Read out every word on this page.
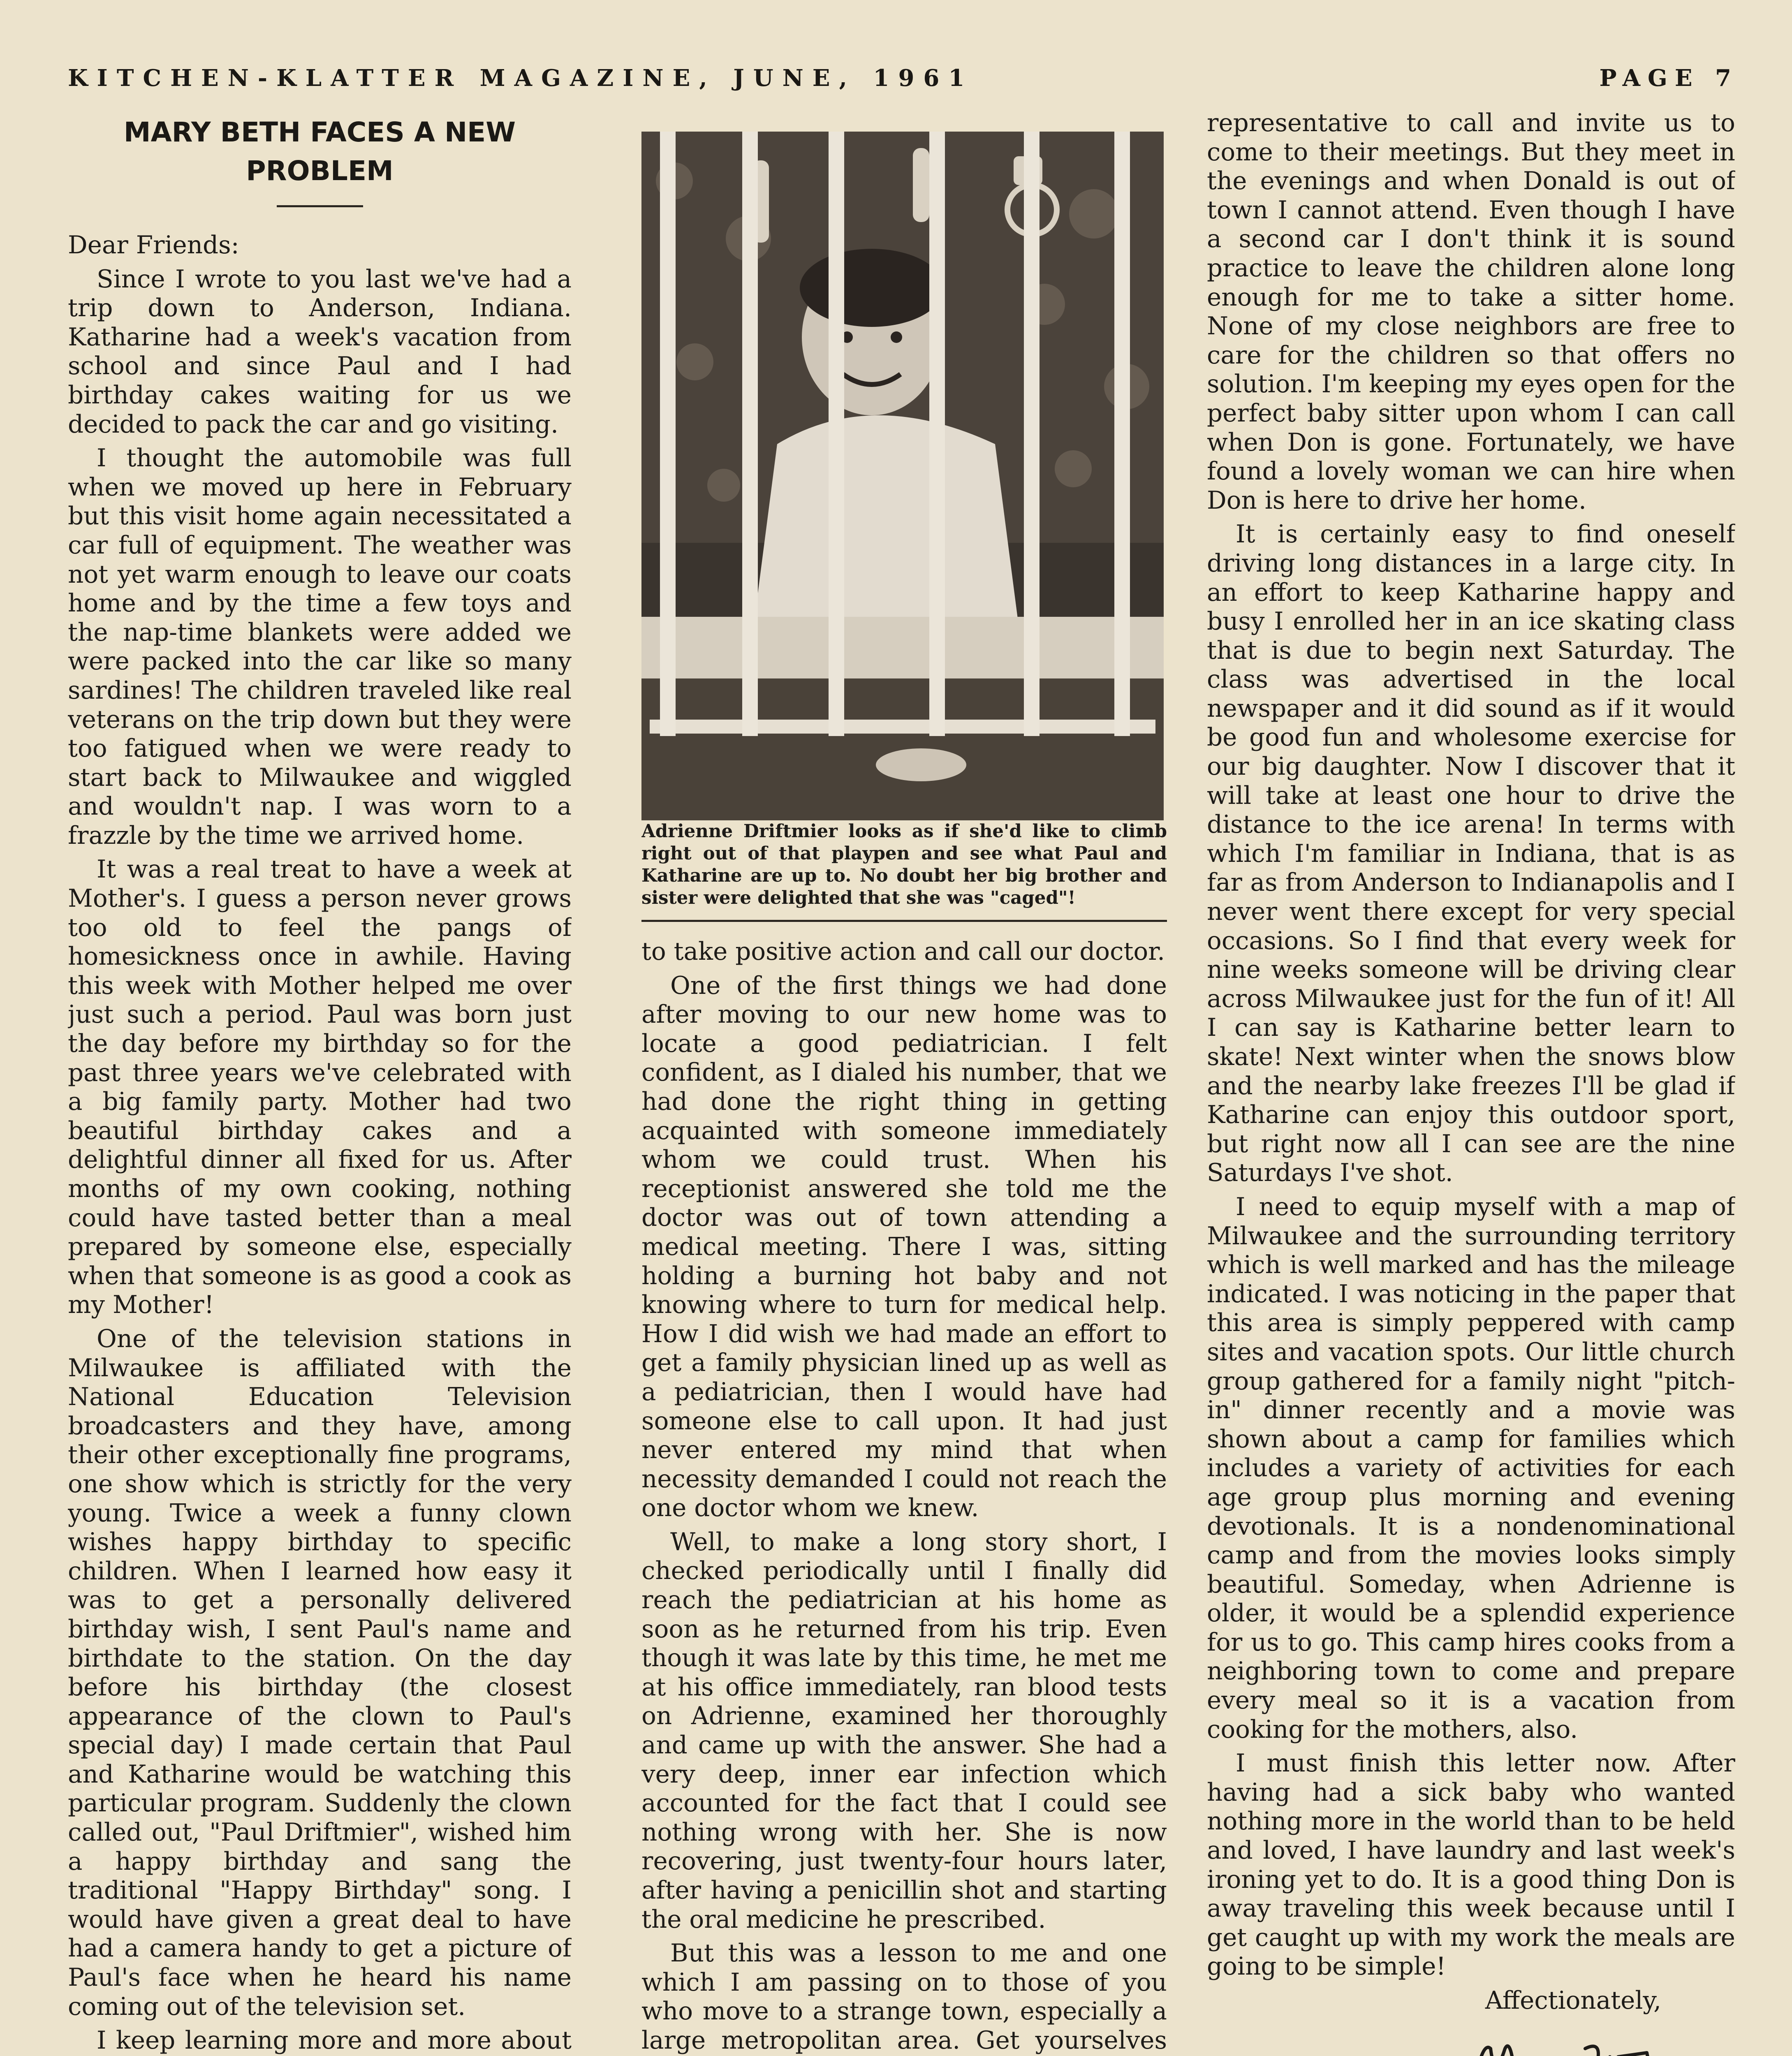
KITCHEN-KLATTER MAGAZINE, JUNE, 1961	PAGE 7
MARY BETH FACES A NEW PROBLEM

Dear Friends:

Since I wrote to you last we've had a trip down to Anderson, Indiana. Katharine had a week's vacation from school and since Paul and I had birthday cakes waiting for us we decided to pack the car and go visiting.

I thought the automobile was full when we moved up here in February but this visit home again necessitated a car full of equipment. The weather was not yet warm enough to leave our coats home and by the time a few toys and the nap-time blankets were added we were packed into the car like so many sardines! The children traveled like real veterans on the trip down but they were too fatigued when we were ready to start back to Milwaukee and wiggled and wouldn't nap. I was worn to a frazzle by the time we arrived home.

It was a real treat to have a week at Mother's. I guess a person never grows too old to feel the pangs of homesickness once in awhile. Having this week with Mother helped me over just such a period. Paul was born just the day before my birthday so for the past three years we've celebrated with a big family party. Mother had two beautiful birthday cakes and a delightful dinner all fixed for us. After months of my own cooking, nothing could have tasted better than a meal prepared by someone else, especially when that someone is as good a cook as my Mother!

One of the television stations in Milwaukee is affiliated with the National Education Television broadcasters and they have, among their other exceptionally fine programs, one show which is strictly for the very young. Twice a week a funny clown wishes happy birthday to specific children. When I learned how easy it was to get a personally delivered birthday wish, I sent Paul's name and birthdate to the station. On the day before his birthday (the closest appearance of the clown to Paul's special day) I made certain that Paul and Katharine would be watching this particular program. Suddenly the clown called out, "Paul Driftmier", wished him a happy birthday and sang the traditional "Happy Birthday" song. I would have given a great deal to have had a camera handy to get a picture of Paul's face when he heard his name coming out of the television set.

I keep learning more and more about

Adrienne Driftmier looks as if she'd like to climb right out of that playpen and see what Paul and Katharine are up to. No doubt her big brother and sister were delighted that she was "caged"!

to take positive action and call our doctor.

One of the first things we had done after moving to our new home was to locate a good pediatrician. I felt confident, as I dialed his number, that we had done the right thing in getting acquainted with someone immediately whom we could trust. When his receptionist answered she told me the doctor was out of town attending a medical meeting. There I was, sitting holding a burning hot baby and not knowing where to turn for medical help. How I did wish we had made an effort to get a family physician lined up as well as a pediatrician, then I would have had someone else to call upon. It had just never entered my mind that when necessity demanded I could not reach the one doctor whom we knew.

Well, to make a long story short, I checked periodically until I finally did reach the pediatrician at his home as soon as he returned from his trip. Even though it was late by this time, he met me at his office immediately, ran blood tests on Adrienne, examined her thoroughly and came up with the answer. She had a very deep, inner ear infection which accounted for the fact that I could see nothing wrong with her. She is now recovering, just twenty-four hours later, after having a penicillin shot and starting the oral medicine he prescribed.

But this was a lesson to me and one which I am passing on to those of you who move to a strange town, especially a large metropolitan area. Get yourselves

representative to call and invite us to come to their meetings. But they meet in the evenings and when Donald is out of town I cannot attend. Even though I have a second car I don't think it is sound practice to leave the children alone long enough for me to take a sitter home. None of my close neighbors are free to care for the children so that offers no solution. I'm keeping my eyes open for the perfect baby sitter upon whom I can call when Don is gone. Fortunately, we have found a lovely woman we can hire when Don is here to drive her home.

It is certainly easy to find oneself driving long distances in a large city. In an effort to keep Katharine happy and busy I enrolled her in an ice skating class that is due to begin next Saturday. The class was advertised in the local newspaper and it did sound as if it would be good fun and wholesome exercise for our big daughter. Now I discover that it will take at least one hour to drive the distance to the ice arena! In terms with which I'm familiar in Indiana, that is as far as from Anderson to Indianapolis and I never went there except for very special occasions. So I find that every week for nine weeks someone will be driving clear across Milwaukee just for the fun of it! All I can say is Katharine better learn to skate! Next winter when the snows blow and the nearby lake freezes I'll be glad if Katharine can enjoy this outdoor sport, but right now all I can see are the nine Saturdays I've shot.

I need to equip myself with a map of Milwaukee and the surrounding territory which is well marked and has the mileage indicated. I was noticing in the paper that this area is simply peppered with camp sites and vacation spots. Our little church group gathered for a family night "pitch-in" dinner recently and a movie was shown about a camp for families which includes a variety of activities for each age group plus morning and evening devotionals. It is a nondenominational camp and from the movies looks simply beautiful. Someday, when Adrienne is older, it would be a splendid experience for us to go. This camp hires cooks from a neighboring town to come and prepare every meal so it is a vacation from cooking for the mothers, also.

I must finish this letter now. After having had a sick baby who wanted nothing more in the world than to be held and loved, I have laundry and last week's ironing yet to do. It is a good thing Don is away traveling this week because until I get caught up with my work the meals are going to be simple!

Affectionately,
